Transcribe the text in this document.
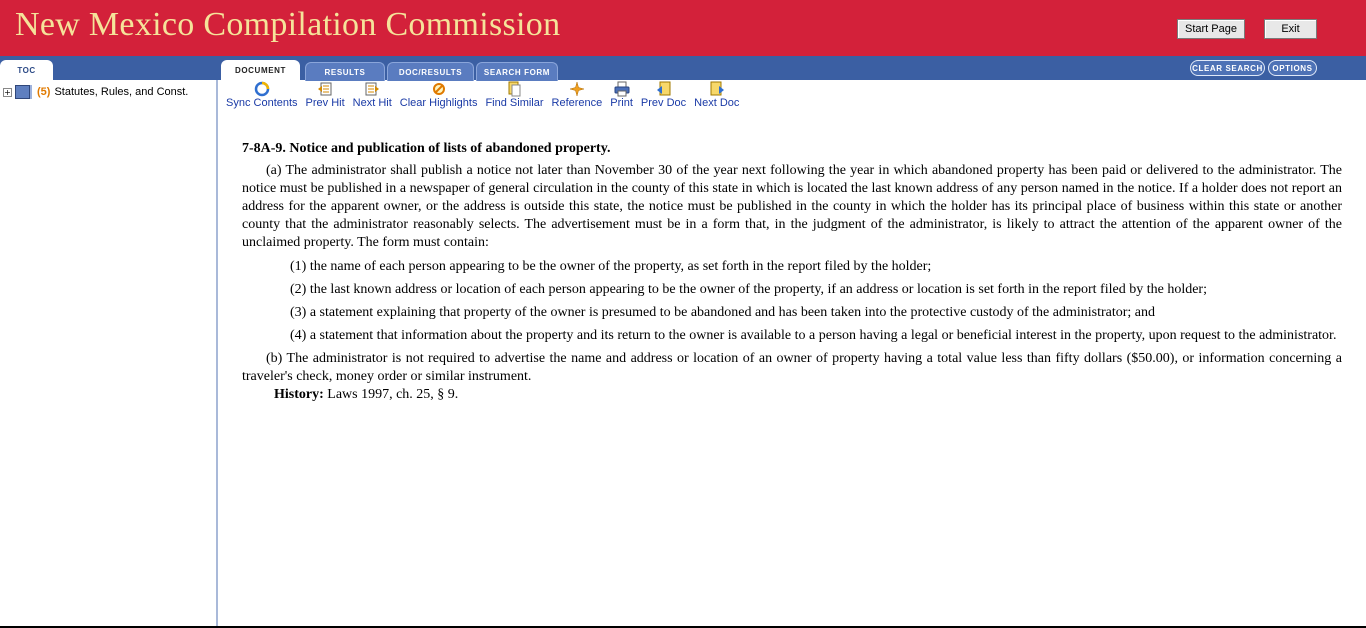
New Mexico Compilation Commission	Start Page	Exit
TOC	DOCUMENT	RESULTS	DOC/RESULTS	SEARCH FORM	CLEAR SEARCH	OPTIONS
+ (5) Statutes, Rules, and Const.
Sync Contents Prev Hit Next Hit Clear Highlights Find Similar Reference Print Prev Doc Next Doc

7-8A-9. Notice and publication of lists of abandoned property.

(a) The administrator shall publish a notice not later than November 30 of the year next following the year in which abandoned property has been paid or delivered to the administrator. The notice must be published in a newspaper of general circulation in the county of this state in which is located the last known address of any person named in the notice. If a holder does not report an address for the apparent owner, or the address is outside this state, the notice must be published in the county in which the holder has its principal place of business within this state or another county that the administrator reasonably selects. The advertisement must be in a form that, in the judgment of the administrator, is likely to attract the attention of the apparent owner of the unclaimed property. The form must contain:

(1) the name of each person appearing to be the owner of the property, as set forth in the report filed by the holder;

(2) the last known address or location of each person appearing to be the owner of the property, if an address or location is set forth in the report filed by the holder;

(3) a statement explaining that property of the owner is presumed to be abandoned and has been taken into the protective custody of the administrator; and

(4) a statement that information about the property and its return to the owner is available to a person having a legal or beneficial interest in the property, upon request to the administrator.

(b) The administrator is not required to advertise the name and address or location of an owner of property having a total value less than fifty dollars ($50.00), or information concerning a traveler's check, money order or similar instrument.

History: Laws 1997, ch. 25, § 9.
